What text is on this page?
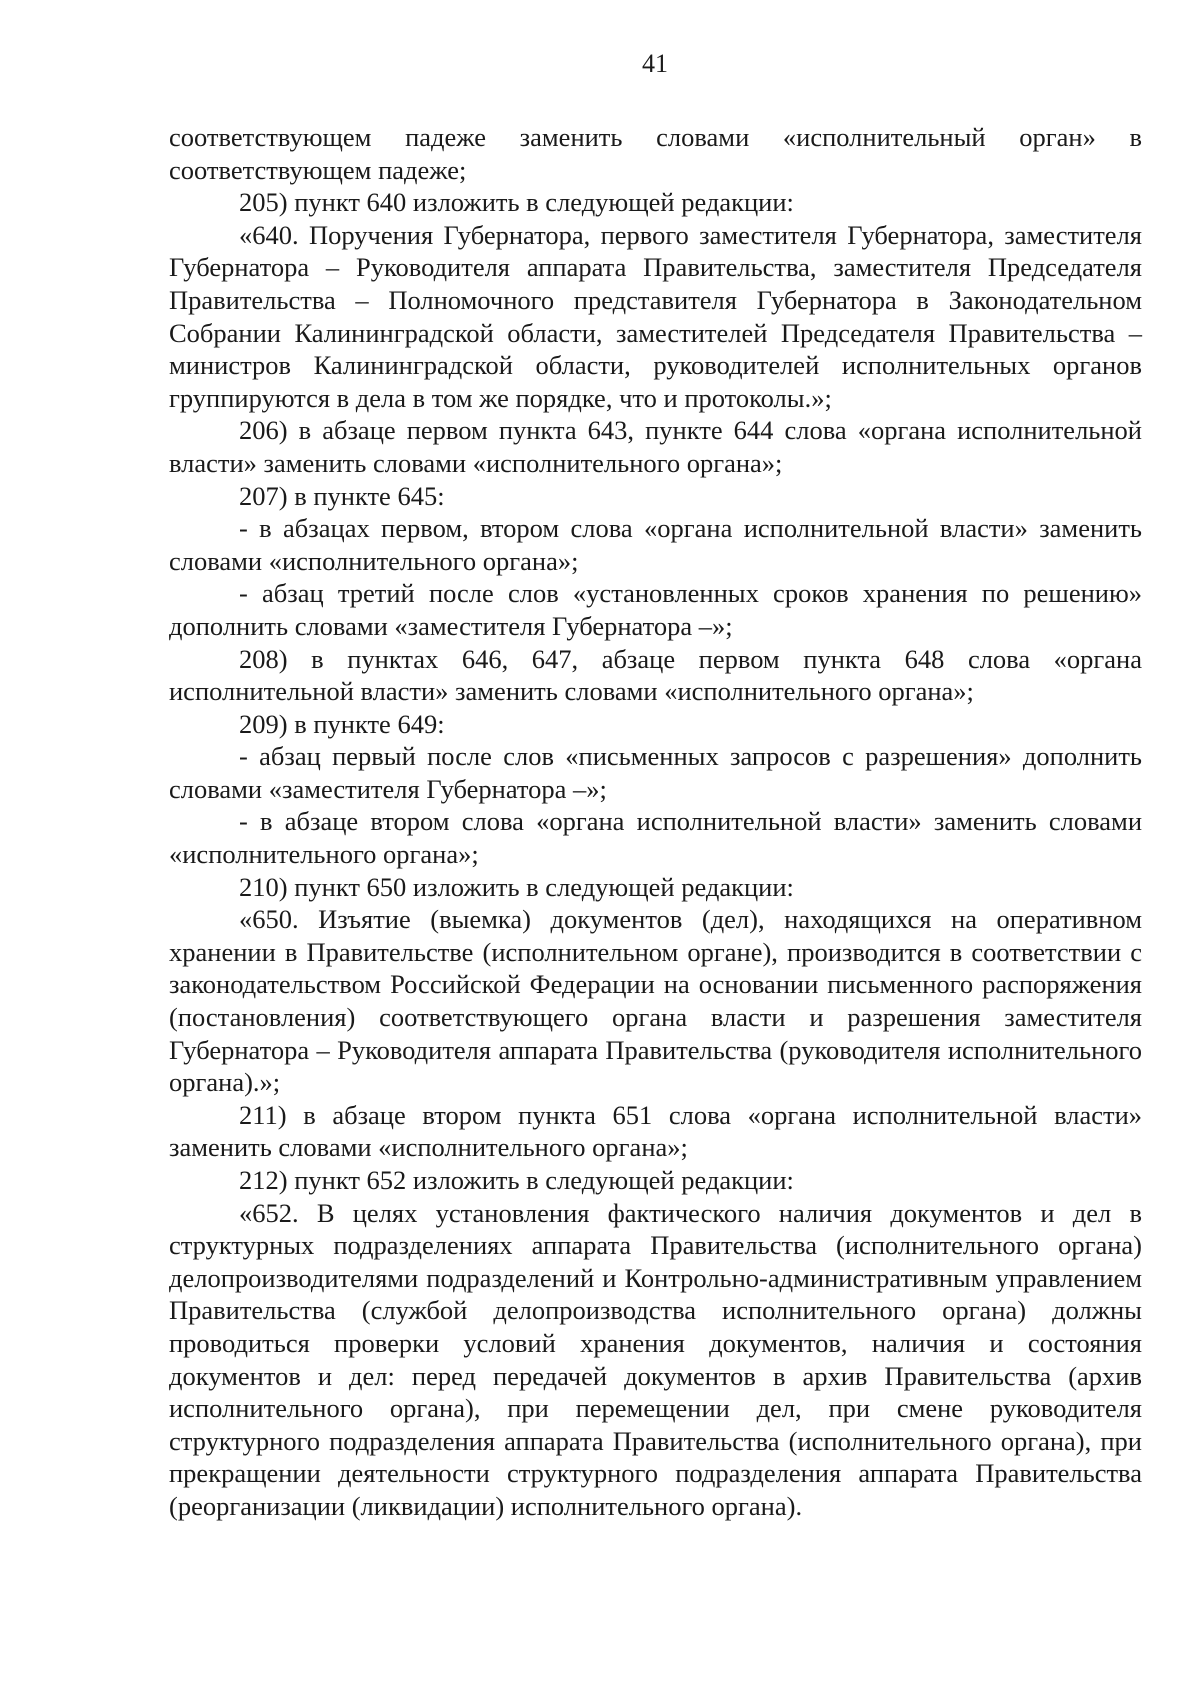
41

соответствующем падеже заменить словами «исполнительный орган» в соответствующем падеже;

205) пункт 640 изложить в следующей редакции:

«640. Поручения Губернатора, первого заместителя Губернатора, заместителя Губернатора – Руководителя аппарата Правительства, заместителя Председателя Правительства – Полномочного представителя Губернатора в Законодательном Собрании Калининградской области, заместителей Председателя Правительства – министров Калининградской области, руководителей исполнительных органов группируются в дела в том же порядке, что и протоколы.»;

206) в абзаце первом пункта 643, пункте 644 слова «органа исполнительной власти» заменить словами «исполнительного органа»;

207) в пункте 645:

- в абзацах первом, втором слова «органа исполнительной власти» заменить словами «исполнительного органа»;

- абзац третий после слов «установленных сроков хранения по решению» дополнить словами «заместителя Губернатора –»;

208) в пунктах 646, 647, абзаце первом пункта 648 слова «органа исполнительной власти» заменить словами «исполнительного органа»;

209) в пункте 649:

- абзац первый после слов «письменных запросов с разрешения» дополнить словами «заместителя Губернатора –»;

- в абзаце втором слова «органа исполнительной власти» заменить словами «исполнительного органа»;

210) пункт 650 изложить в следующей редакции:

«650. Изъятие (выемка) документов (дел), находящихся на оперативном хранении в Правительстве (исполнительном органе), производится в соответствии с законодательством Российской Федерации на основании письменного распоряжения (постановления) соответствующего органа власти и разрешения заместителя Губернатора – Руководителя аппарата Правительства (руководителя исполнительного органа).»;

211) в абзаце втором пункта 651 слова «органа исполнительной власти» заменить словами «исполнительного органа»;

212) пункт 652 изложить в следующей редакции:

«652. В целях установления фактического наличия документов и дел в структурных подразделениях аппарата Правительства (исполнительного органа) делопроизводителями подразделений и Контрольно-административным управлением Правительства (службой делопроизводства исполнительного органа) должны проводиться проверки условий хранения документов, наличия и состояния документов и дел: перед передачей документов в архив Правительства (архив исполнительного органа), при перемещении дел, при смене руководителя структурного подразделения аппарата Правительства (исполнительного органа), при прекращении деятельности структурного подразделения аппарата Правительства (реорганизации (ликвидации) исполнительного органа).
